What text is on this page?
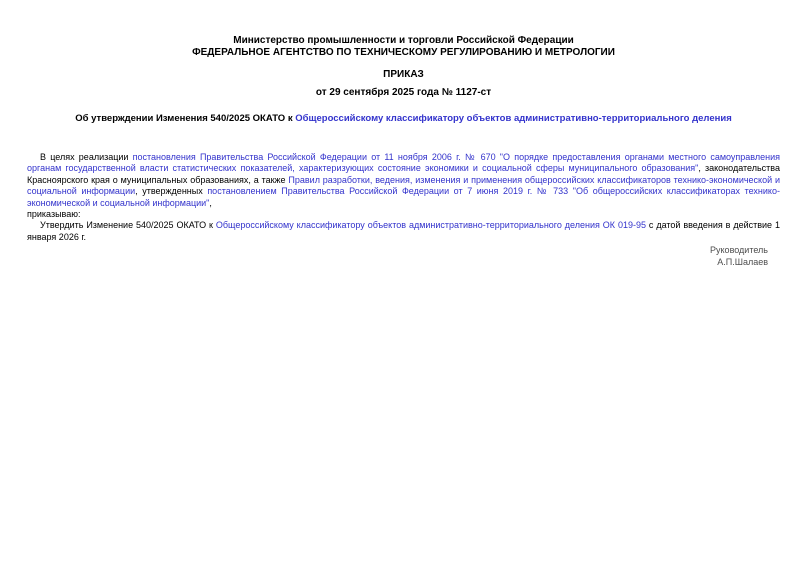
Министерство промышленности и торговли Российской Федерации
ФЕДЕРАЛЬНОЕ АГЕНТСТВО ПО ТЕХНИЧЕСКОМУ РЕГУЛИРОВАНИЮ И МЕТРОЛОГИИ
ПРИКАЗ
от 29 сентября 2025 года № 1127-ст
Об утверждении Изменения 540/2025 ОКАТО к Общероссийскому классификатору объектов административно-территориального деления

В целях реализации постановления Правительства Российской Федерации от 11 ноября 2006 г. № 670 "О порядке предоставления органами местного самоуправления органам государственной власти статистических показателей, характеризующих состояние экономики и социальной сферы муниципального образования", законодательства Красноярского края о муниципальных образованиях, а также Правил разработки, ведения, изменения и применения общероссийских классификаторов технико-экономической и социальной информации, утвержденных постановлением Правительства Российской Федерации от 7 июня 2019 г. № 733 "Об общероссийских классификаторах технико-экономической и социальной информации",

приказываю:

Утвердить Изменение 540/2025 ОКАТО к Общероссийскому классификатору объектов административно-территориального деления ОК 019-95 с датой введения в действие 1 января 2026 г.

Руководитель
А.П.Шалаев
